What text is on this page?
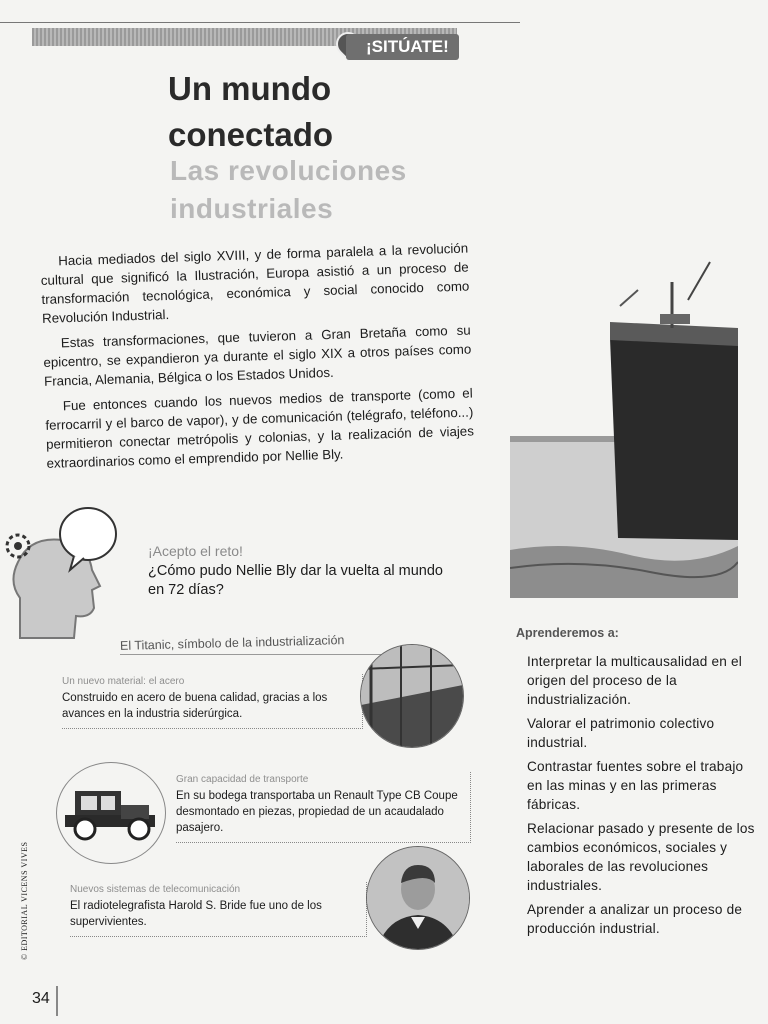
¡SITÚATE!
Un mundo conectado
Las revoluciones industriales

Hacia mediados del siglo XVIII, y de forma paralela a la revolución cultural que significó la Ilustración, Europa asistió a un proceso de transformación tecnológica, económica y social conocido como Revolución Industrial.

Estas transformaciones, que tuvieron a Gran Bretaña como su epicentro, se expandieron ya durante el siglo XIX a otros países como Francia, Alemania, Bélgica o los Estados Unidos.

Fue entonces cuando los nuevos medios de transporte (como el ferrocarril y el barco de vapor), y de comunicación (telégrafo, teléfono...) permitieron conectar metrópolis y colonias, y la realización de viajes extraordinarios como el emprendido por Nellie Bly.

¡Acepto el reto!
¿Cómo pudo Nellie Bly dar la vuelta al mundo en 72 días?
El Titanic, símbolo de la industrialización
Un nuevo material: el acero
Construido en acero de buena calidad, gracias a los avances en la industria siderúrgica.
Gran capacidad de transporte
En su bodega transportaba un Renault Type CB Coupe desmontado en piezas, propiedad de un acaudalado pasajero.
Nuevos sistemas de telecomunicación
El radiotelegrafista Harold S. Bride fue uno de los supervivientes.
Aprenderemos a:
Interpretar la multicausalidad en el origen del proceso de la industrialización.
Valorar el patrimonio colectivo industrial.
Contrastar fuentes sobre el trabajo en las minas y en las primeras fábricas.
Relacionar pasado y presente de los cambios económicos, sociales y laborales de las revoluciones industriales.
Aprender a analizar un proceso de producción industrial.
© EDITORIAL VICENS VIVES
34
